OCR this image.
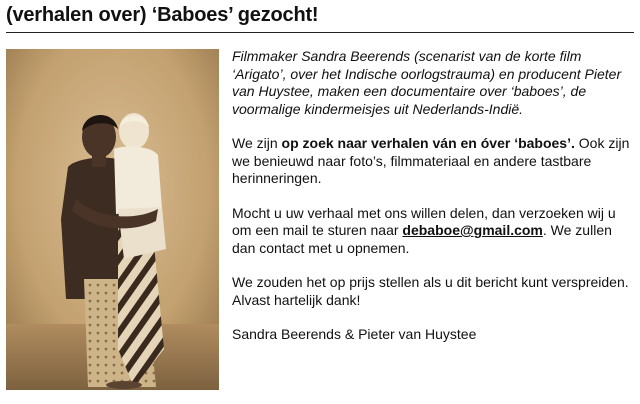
(verhalen over) ‘Baboes’ gezocht!

Filmmaker Sandra Beerends (scenarist van de korte film ‘Arigato’, over het Indische oorlogstrauma) en producent Pieter van Huystee, maken een documentaire over ‘baboes’, de voormalige kindermeisjes uit Nederlands-Indië.

We zijn op zoek naar verhalen ván en óver ‘baboes’. Ook zijn we benieuwd naar foto’s, filmmateriaal en andere tastbare herinneringen.

Mocht u uw verhaal met ons willen delen, dan verzoeken wij u om een mail te sturen naar debaboe@gmail.com. We zullen dan contact met u opnemen.

We zouden het op prijs stellen als u dit bericht kunt verspreiden. Alvast hartelijk dank!

Sandra Beerends & Pieter van Huystee
